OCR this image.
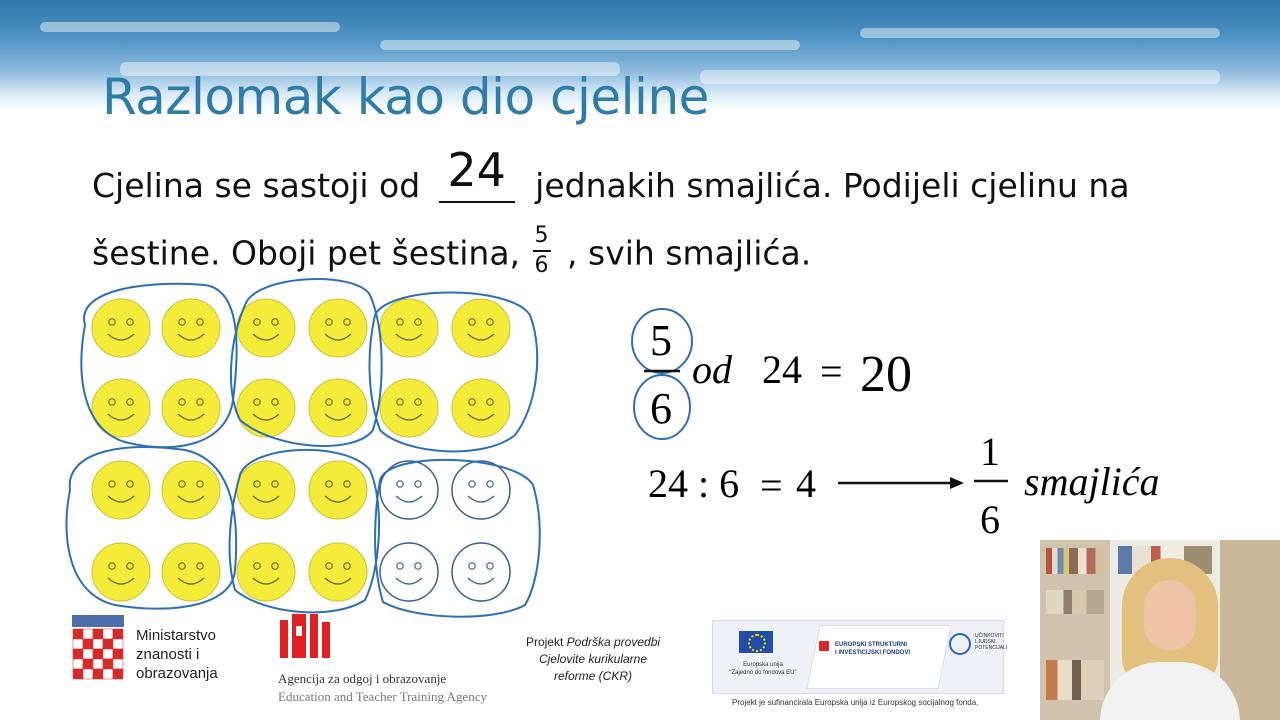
Razlomak kao dio cjeline
Cjelina se sastoji od 24 jednakih smajlića. Podijeli cjelinu na
šestine. Oboji pet šestina, $\frac{5}{6}$ , svih smajlića.
5
6
od 24 = 20
24 : 6 = 4
1
6
smajlića
Ministarstvo
znanosti i
obrazovanja	Agencija za odgoj i obrazovanje
Education and Teacher Training Agency
Projekt Podrška provedbi
Cjelovite kurikularne
reforme (CKR)
Europska unija
"Zajedno do fondova EU"
EUROPSKI STRUKTURNI
I INVESTICIJSKI FONDOVI
UČINKOVITI LJUDSKI POTENCIJALI
Projekt je sufinancirala Europska unija iz Europskog socijalnog fonda.
